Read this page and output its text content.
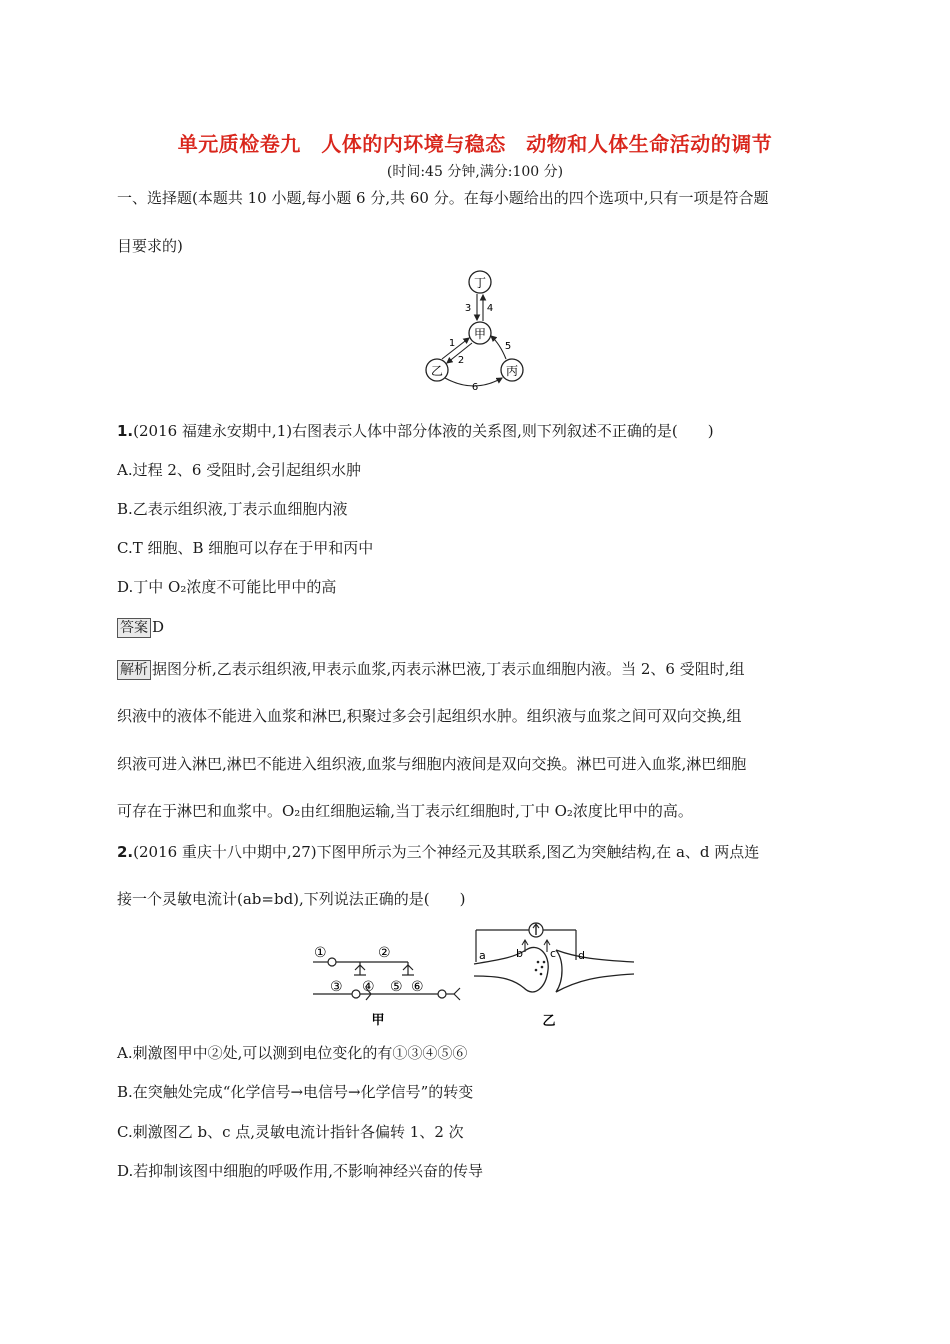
单元质检卷九　人体的内环境与稳态　动物和人体生命活动的调节
(时间:45 分钟,满分:100 分)
一、选择题(本题共 10 小题,每小题 6 分,共 60 分。在每小题给出的四个选项中,只有一项是符合题
目要求的)
丁
甲
乙	丙
3 4
1
2
5
6
1.(2016 福建永安期中,1)右图表示人体中部分体液的关系图,则下列叙述不正确的是(　　)
A.过程 2、6 受阻时,会引起组织水肿
B.乙表示组织液,丁表示血细胞内液
C.T 细胞、B 细胞可以存在于甲和丙中
D.丁中 O₂浓度不可能比甲中的高
答案 D
解析 据图分析,乙表示组织液,甲表示血浆,丙表示淋巴液,丁表示血细胞内液。当 2、6 受阻时,组
织液中的液体不能进入血浆和淋巴,积聚过多会引起组织水肿。组织液与血浆之间可双向交换,组
织液可进入淋巴,淋巴不能进入组织液,血浆与细胞内液间是双向交换。淋巴可进入血浆,淋巴细胞
可存在于淋巴和血浆中。O₂由红细胞运输,当丁表示红细胞时,丁中 O₂浓度比甲中的高。
2.(2016 重庆十八中期中,27)下图甲所示为三个神经元及其联系,图乙为突触结构,在 a、d 两点连
接一个灵敏电流计(ab=bd),下列说法正确的是(　　)
①	②
③ ④ ⑤ ⑥
甲
a	b c d
乙
A.刺激图甲中②处,可以测到电位变化的有①③④⑤⑥
B.在突触处完成“化学信号→电信号→化学信号”的转变
C.刺激图乙 b、c 点,灵敏电流计指针各偏转 1、2 次
D.若抑制该图中细胞的呼吸作用,不影响神经兴奋的传导
